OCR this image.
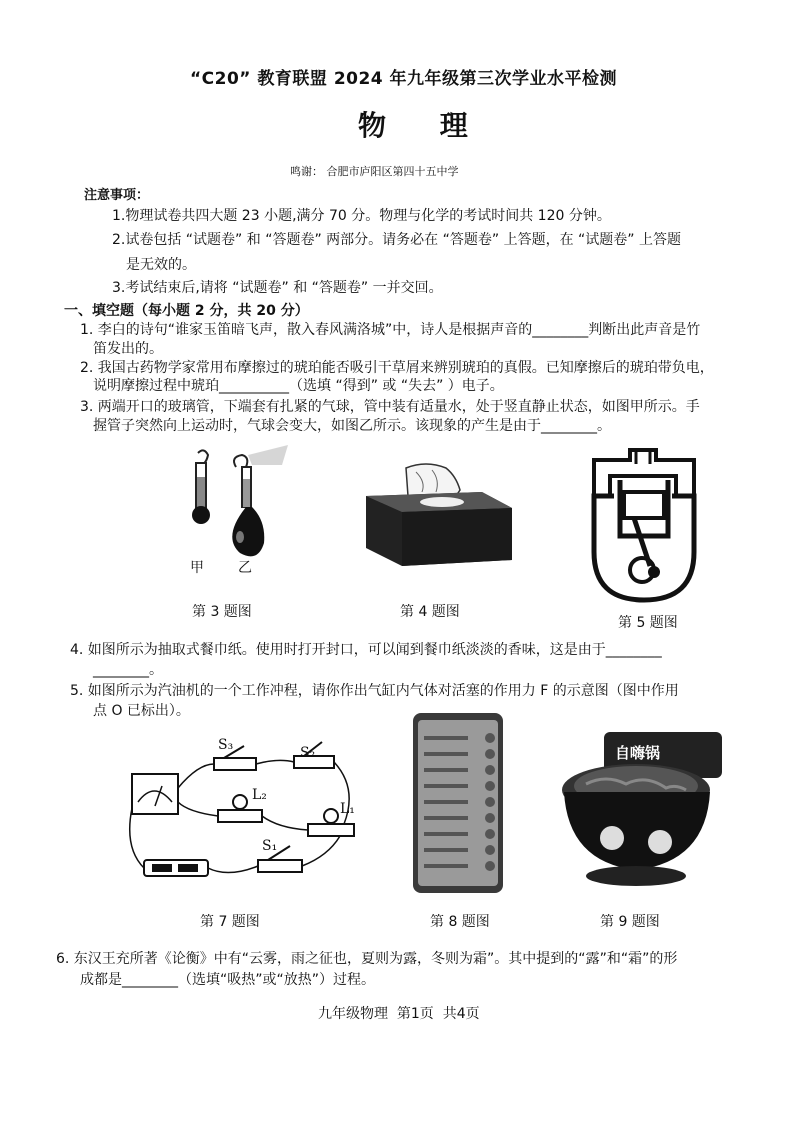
“C20” 教育联盟 2024 年九年级第三次学业水平检测
物 理
鸣谢： 合肥市庐阳区第四十五中学
注意事项：
1.物理试卷共四大题 23 小题,满分 70 分。物理与化学的考试时间共 120 分钟。
2.试卷包括 “试题卷” 和 “答题卷” 两部分。请务必在 “答题卷” 上答题，在 “试题卷” 上答题
是无效的。
3.考试结束后,请将 “试题卷” 和 “答题卷” 一并交回。
一、填空题（每小题 2 分，共 20 分）
1. 李白的诗句“谁家玉笛暗飞声，散入春风满洛城”中，诗人是根据声音的________判断出此声音是竹
笛发出的。
2. 我国古药物学家常用布摩擦过的琥珀能否吸引干草屑来辨别琥珀的真假。已知摩擦后的琥珀带负电，
说明摩擦过程中琥珀__________（选填 “得到” 或 “失去” ）电子。
3. 两端开口的玻璃管，下端套有扎紧的气球，管中装有适量水，处于竖直静止状态，如图甲所示。手
握管子突然向上运动时，气球会变大，如图乙所示。该现象的产生是由于________。
甲 乙
第 3 题图	第 4 题图
第 5 题图
4. 如图所示为抽取式餐巾纸。使用时打开封口，可以闻到餐巾纸淡淡的香味，这是由于________
________。
5. 如图所示为汽油机的一个工作冲程，请你作出气缸内气体对活塞的作用力 F 的示意图（图中作用
点 O 已标出）。
S₃	S₂
L₂
L₁
S₁
第 7 题图	第 8 题图
自嗨锅
第 9 题图
6. 东汉王充所著《论衡》中有“云雾，雨之征也，夏则为露，冬则为霜”。其中提到的“露”和“霜”的形
成都是________（选填“吸热”或“放热”）过程。
九年级物理  第1页  共4页
